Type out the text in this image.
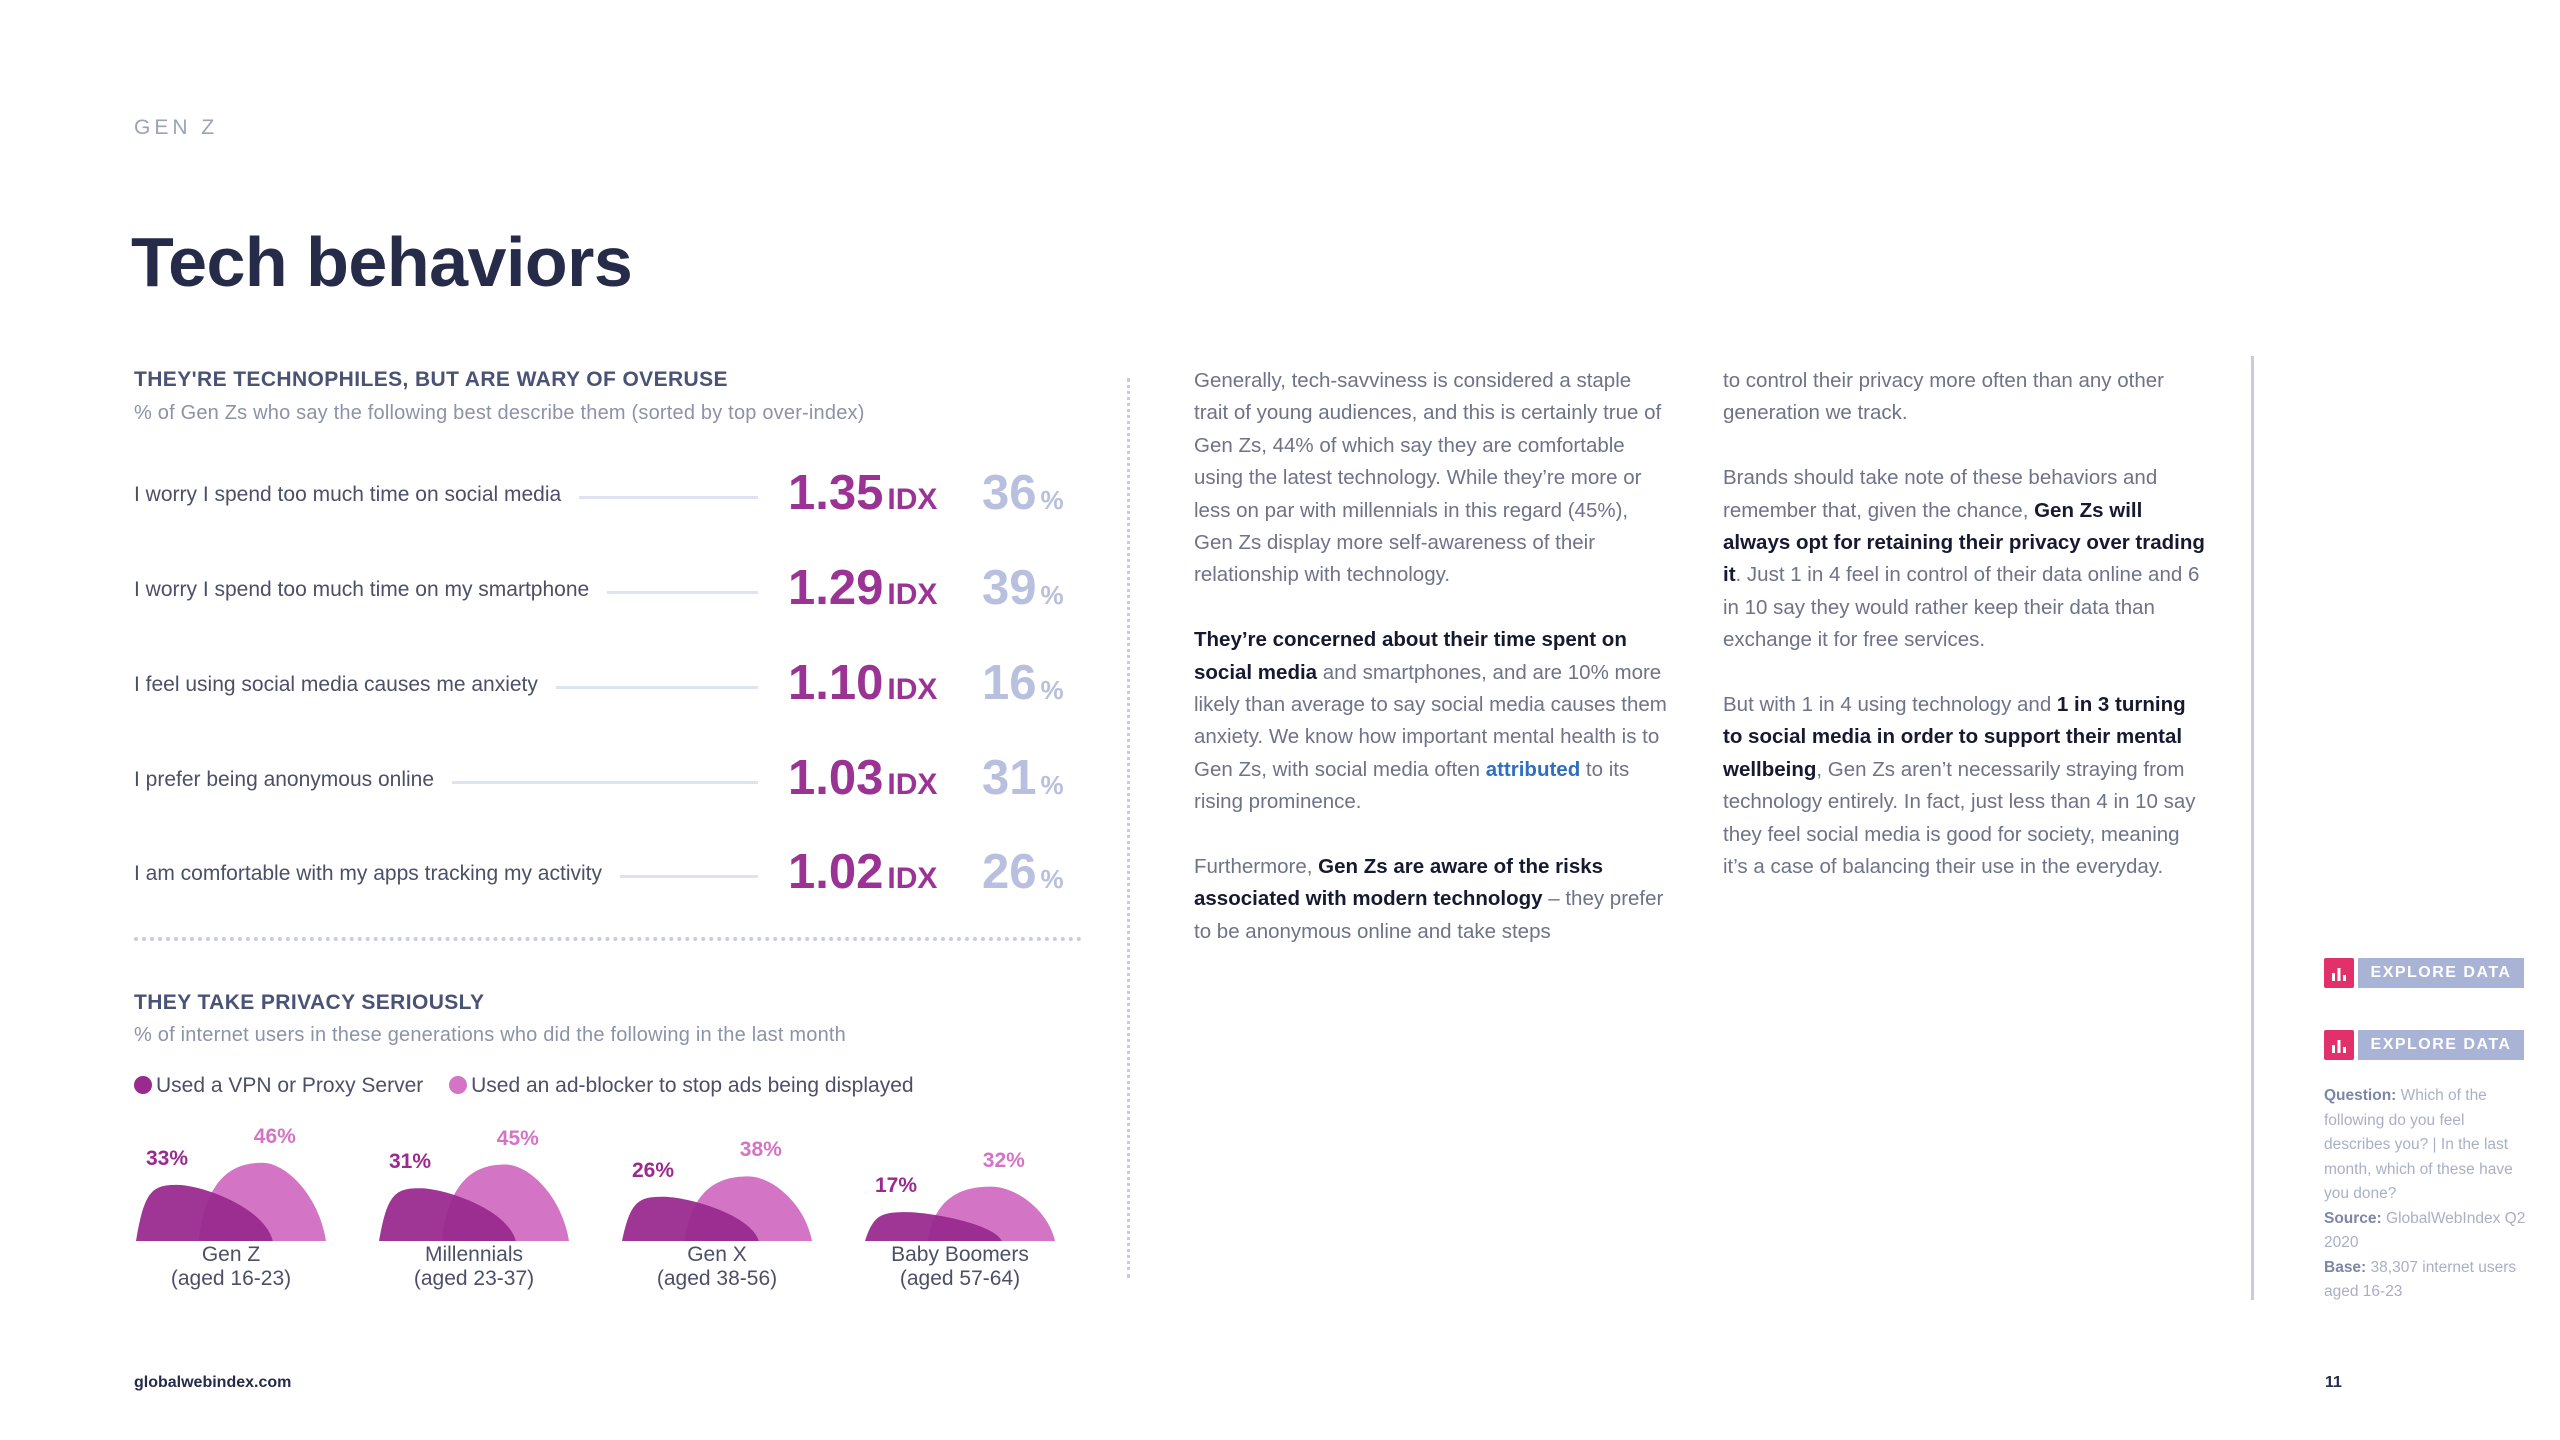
GEN Z
Tech behaviors
THEY'RE TECHNOPHILES, BUT ARE WARY OF OVERUSE
% of Gen Zs who say the following best describe them (sorted by top over-index)
I worry I spend too much time on social media	1.35 IDX 36 %
I worry I spend too much time on my smartphone	1.29 IDX 39 %
I feel using social media causes me anxiety	1.10 IDX 16 %
I prefer being anonymous online	1.03 IDX 31 %
I am comfortable with my apps tracking my activity	1.02 IDX 26 %
THEY TAKE PRIVACY SERIOUSLY
% of internet users in these generations who did the following in the last month
Used a VPN or Proxy Server Used an ad-blocker to stop ads being displayed
33%
46%
Gen Z
(aged 16-23)
31%
45%
Millennials
(aged 23-37)
26%
38%
Gen X
(aged 38-56)
17%
32%
Baby Boomers
(aged 57-64)

Generally, tech-savviness is considered a staple trait of young audiences, and this is certainly true of Gen Zs, 44% of which say they are comfortable using the latest technology. While they’re more or less on par with millennials in this regard (45%), Gen Zs display more self-awareness of their relationship with technology.

They’re concerned about their time spent on social media and smartphones, and are 10% more likely than average to say social media causes them anxiety. We know how important mental health is to Gen Zs, with social media often attributed to its rising prominence.

Furthermore, Gen Zs are aware of the risks associated with modern technology – they prefer to be anonymous online and take steps

to control their privacy more often than any other generation we track.

Brands should take note of these behaviors and remember that, given the chance, Gen Zs will always opt for retaining their privacy over trading it. Just 1 in 4 feel in control of their data online and 6 in 10 say they would rather keep their data than exchange it for free services.

But with 1 in 4 using technology and 1 in 3 turning to social media in order to support their mental wellbeing, Gen Zs aren’t necessarily straying from technology entirely. In fact, just less than 4 in 10 say they feel social media is good for society, meaning it’s a case of balancing their use in the everyday.

EXPLORE DATA
EXPLORE DATA
Question: Which of the following do you feel describes you? | In the last month, which of these have you done?
Source: GlobalWebIndex Q2 2020
Base: 38,307 internet users aged 16-23
globalwebindex.com	11
